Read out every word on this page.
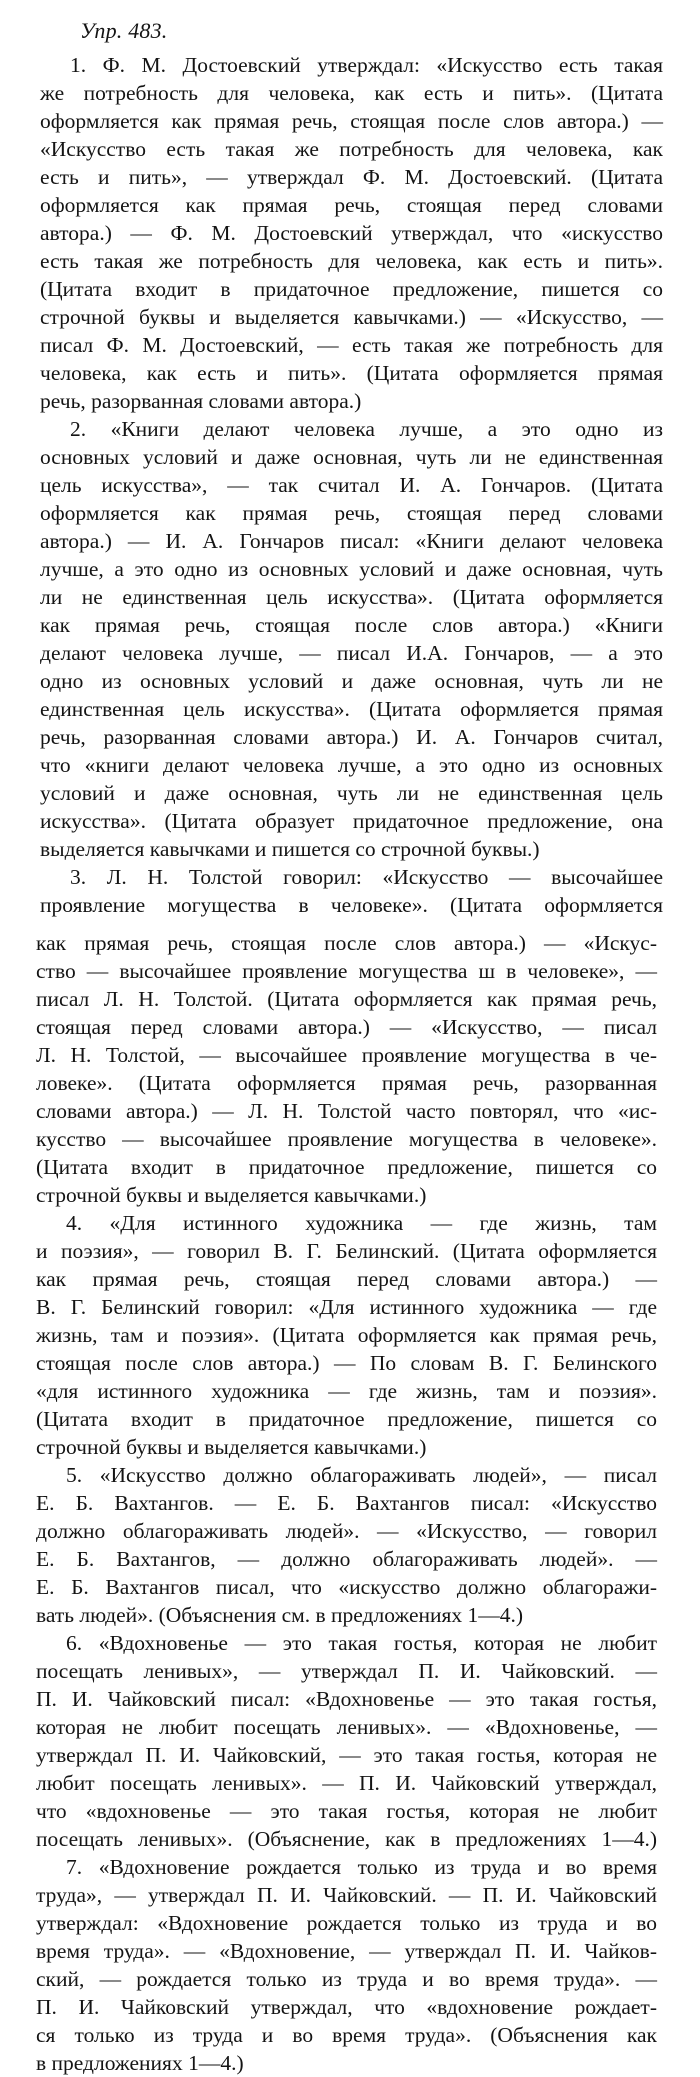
Упр. 483.
1. Ф. М. Достоевский утверждал: «Искусство есть такая
же потребность для человека, как есть и пить». (Цитата
оформляется как прямая речь, стоящая после слов автора.) —
«Искусство есть такая же потребность для человека, как
есть и пить», — утверждал Ф. М. Достоевский. (Цитата
оформляется как прямая речь, стоящая перед словами
автора.) — Ф. М. Достоевский утверждал, что «искусство
есть такая же потребность для человека, как есть и пить».
(Цитата входит в придаточное предложение, пишется со
строчной буквы и выделяется кавычками.) — «Искусство, —
писал Ф. М. Достоевский, — есть такая же потребность для
человека, как есть и пить». (Цитата оформляется прямая
речь, разорванная словами автора.)
2. «Книги делают человека лучше, а это одно из
основных условий и даже основная, чуть ли не единственная
цель искусства», — так считал И. А. Гончаров. (Цитата
оформляется как прямая речь, стоящая перед словами
автора.) — И. А. Гончаров писал: «Книги делают человека
лучше, а это одно из основных условий и даже основная, чуть
ли не единственная цель искусства». (Цитата оформляется
как прямая речь, стоящая после слов автора.) «Книги
делают человека лучше, — писал И.А. Гончаров, — а это
одно из основных условий и даже основная, чуть ли не
единственная цель искусства». (Цитата оформляется прямая
речь, разорванная словами автора.) И. А. Гончаров считал,
что «книги делают человека лучше, а это одно из основных
условий и даже основная, чуть ли не единственная цель
искусства». (Цитата образует придаточное предложение, она
выделяется кавычками и пишется со строчной буквы.)
3. Л. Н. Толстой говорил: «Искусство — высочайшее
проявление могущества в человеке». (Цитата оформляется
как прямая речь, стоящая после слов автора.) — «Искус-
ство — высочайшее проявление могущества ш в человеке», —
писал Л. Н. Толстой. (Цитата оформляется как прямая речь,
стоящая перед словами автора.) — «Искусство, — писал
Л. Н. Толстой, — высочайшее проявление могущества в че-
ловеке». (Цитата оформляется прямая речь, разорванная
словами автора.) — Л. Н. Толстой часто повторял, что «ис-
кусство — высочайшее проявление могущества в человеке».
(Цитата входит в придаточное предложение, пишется со
строчной буквы и выделяется кавычками.)
4. «Для истинного художника — где жизнь, там
и поэзия», — говорил В. Г. Белинский. (Цитата оформляется
как прямая речь, стоящая перед словами автора.) —
В. Г. Белинский говорил: «Для истинного художника — где
жизнь, там и поэзия». (Цитата оформляется как прямая речь,
стоящая после слов автора.) — По словам В. Г. Белинского
«для истинного художника — где жизнь, там и поэзия».
(Цитата входит в придаточное предложение, пишется со
строчной буквы и выделяется кавычками.)
5. «Искусство должно облагораживать людей», — писал
Е. Б. Вахтангов. — Е. Б. Вахтангов писал: «Искусство
должно облагораживать людей». — «Искусство, — говорил
Е. Б. Вахтангов, — должно облагораживать людей». —
Е. Б. Вахтангов писал, что «искусство должно облагоражи-
вать людей». (Объяснения см. в предложениях 1—4.)
6. «Вдохновенье — это такая гостья, которая не любит
посещать ленивых», — утверждал П. И. Чайковский. —
П. И. Чайковский писал: «Вдохновенье — это такая гостья,
которая не любит посещать ленивых». — «Вдохновенье, —
утверждал П. И. Чайковский, — это такая гостья, которая не
любит посещать ленивых». — П. И. Чайковский утверждал,
что «вдохновенье — это такая гостья, которая не любит
посещать ленивых». (Объяснение, как в предложениях 1—4.)
7. «Вдохновение рождается только из труда и во время
труда», — утверждал П. И. Чайковский. — П. И. Чайковский
утверждал: «Вдохновение рождается только из труда и во
время труда». — «Вдохновение, — утверждал П. И. Чайков-
ский, — рождается только из труда и во время труда». —
П. И. Чайковский утверждал, что «вдохновение рождает-
ся только из труда и во время труда». (Объяснения как
в предложениях 1—4.)
